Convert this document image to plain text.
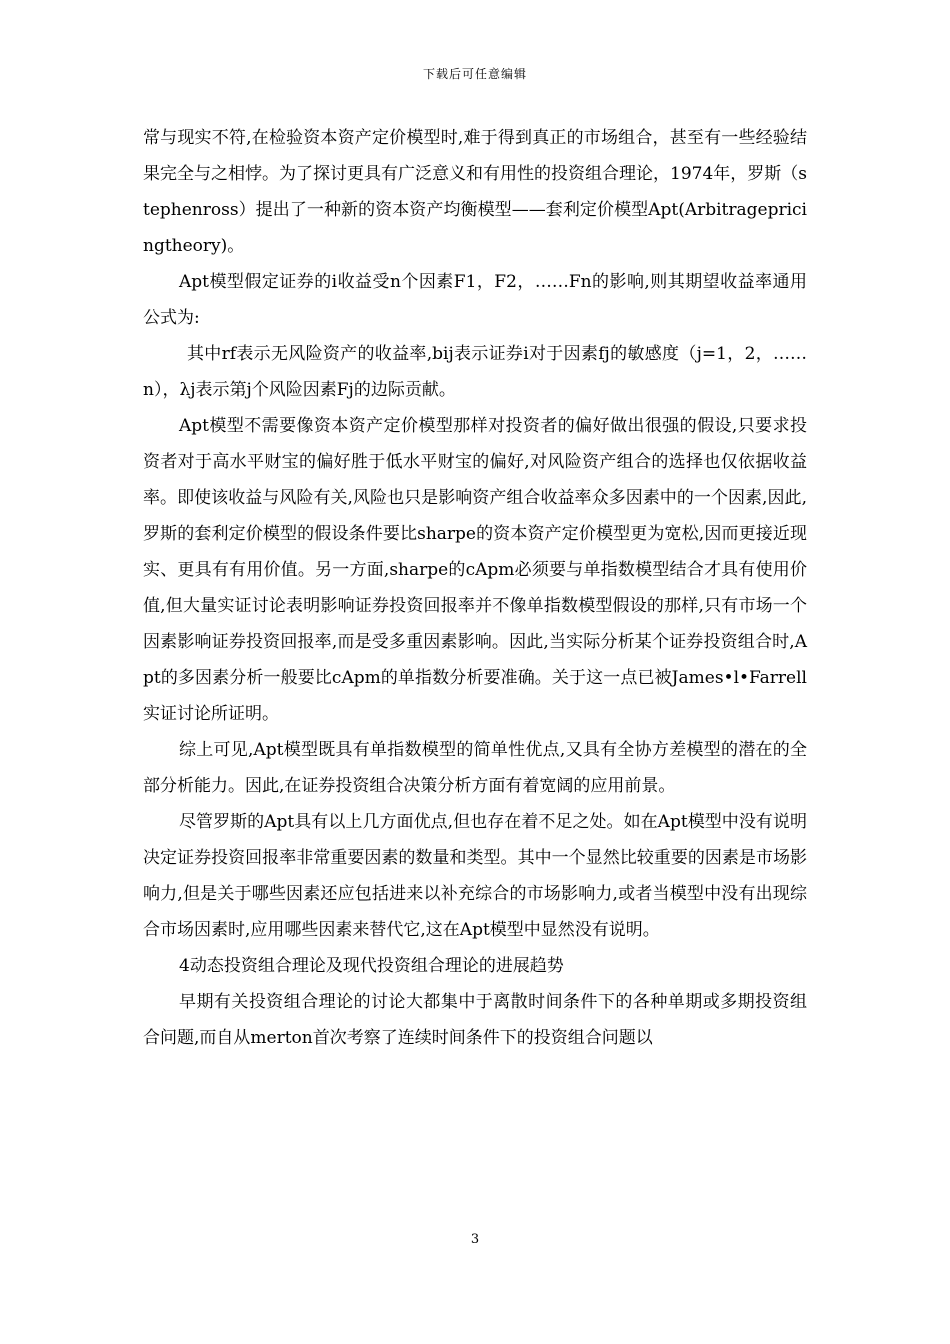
下载后可任意编辑

常与现实不符,在检验资本资产定价模型时,难于得到真正的市场组合，甚至有一些经验结果完全与之相悖。为了探讨更具有广泛意义和有用性的投资组合理论，1974年，罗斯（stephenross）提出了一种新的资本资产均衡模型——套利定价模型Apt(Arbitragepricingtheory)。

Apt模型假定证券的i收益受n个因素F1，F2，……Fn的影响,则其期望收益率通用公式为:

其中rf表示无风险资产的收益率,bij表示证券i对于因素fj的敏感度（j=1，2，……n），λj表示第j个风险因素Fj的边际贡献。

Apt模型不需要像资本资产定价模型那样对投资者的偏好做出很强的假设,只要求投资者对于高水平财宝的偏好胜于低水平财宝的偏好,对风险资产组合的选择也仅依据收益率。即使该收益与风险有关,风险也只是影响资产组合收益率众多因素中的一个因素,因此,罗斯的套利定价模型的假设条件要比sharpe的资本资产定价模型更为宽松,因而更接近现实、更具有有用价值。另一方面,sharpe的cApm必须要与单指数模型结合才具有使用价值,但大量实证讨论表明影响证券投资回报率并不像单指数模型假设的那样,只有市场一个因素影响证券投资回报率,而是受多重因素影响。因此,当实际分析某个证券投资组合时,Apt的多因素分析一般要比cApm的单指数分析要准确。关于这一点已被James•l•Farrell实证讨论所证明。

综上可见,Apt模型既具有单指数模型的简单性优点,又具有全协方差模型的潜在的全部分析能力。因此,在证券投资组合决策分析方面有着宽阔的应用前景。

尽管罗斯的Apt具有以上几方面优点,但也存在着不足之处。如在Apt模型中没有说明决定证券投资回报率非常重要因素的数量和类型。其中一个显然比较重要的因素是市场影响力,但是关于哪些因素还应包括进来以补充综合的市场影响力,或者当模型中没有出现综合市场因素时,应用哪些因素来替代它,这在Apt模型中显然没有说明。

4动态投资组合理论及现代投资组合理论的进展趋势

早期有关投资组合理论的讨论大都集中于离散时间条件下的各种单期或多期投资组合问题,而自从merton首次考察了连续时间条件下的投资组合问题以

3
